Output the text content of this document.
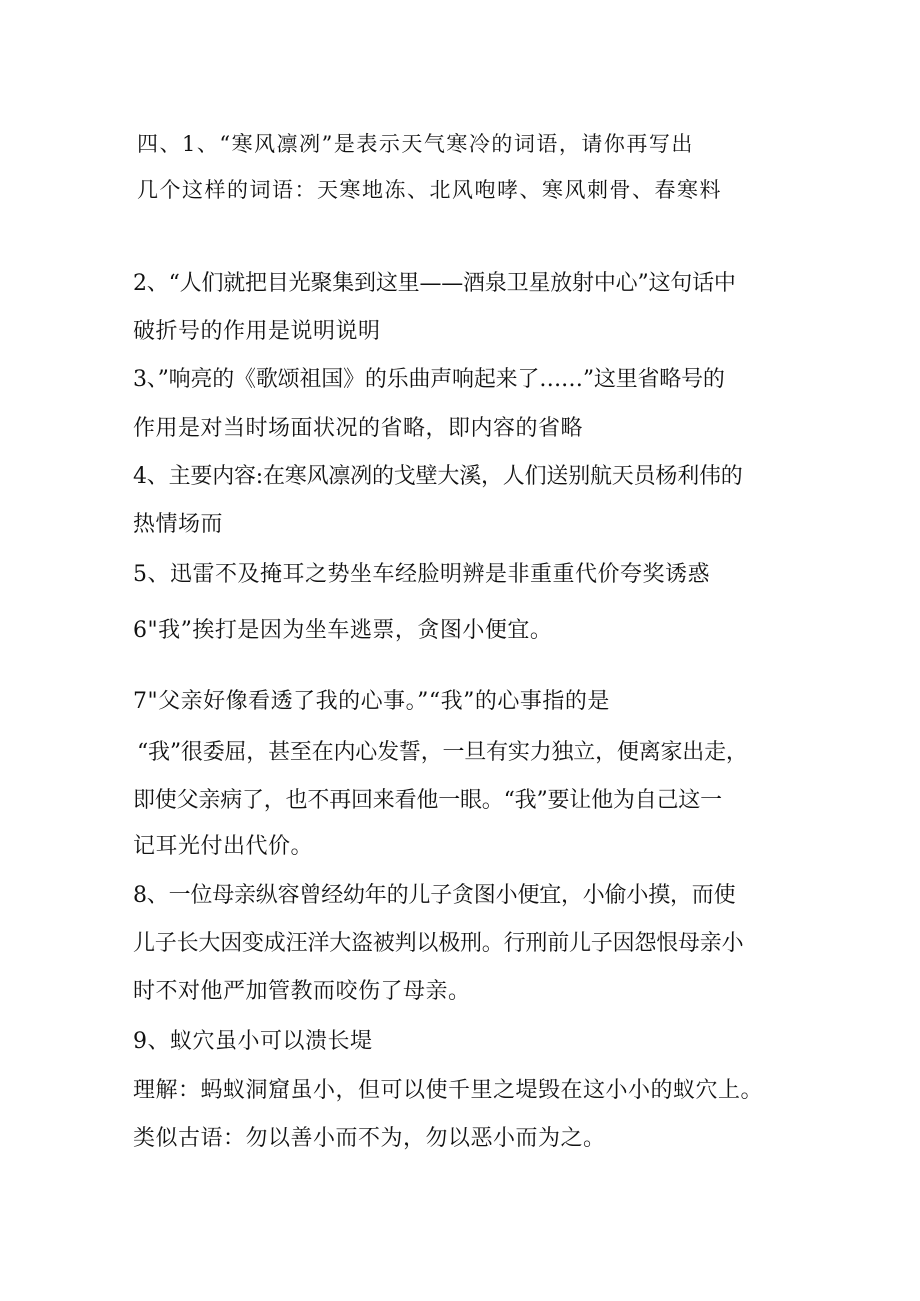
四、1、“寒风凛冽”是表示天气寒冷的词语，请你再写出
几个这样的词语：天寒地冻、北风咆哮、寒风刺骨、春寒料
2、“人们就把目光聚集到这里——酒泉卫星放射中心”这句话中
破折号的作用是说明说明
3、”响亮的《歌颂祖国》的乐曲声响起来了……”这里省略号的
作用是对当时场面状况的省略，即内容的省略
4、主要内容:在寒风凛冽的戈壁大溪，人们送别航天员杨利伟的
热情场而
5、迅雷不及掩耳之势坐车经脸明辨是非重重代价夸奖诱惑
6"我”挨打是因为坐车逃票，贪图小便宜。
7"父亲好像看透了我的心事。”“我”的心事指的是
“我”很委屈，甚至在内心发誓，一旦有实力独立，便离家出走，
即使父亲病了，也不再回来看他一眼。“我”要让他为自己这一
记耳光付出代价。
8、一位母亲纵容曾经幼年的儿子贪图小便宜，小偷小摸，而使
儿子长大因变成汪洋大盗被判以极刑。行刑前儿子因怨恨母亲小
时不对他严加管教而咬伤了母亲。
9、蚁穴虽小可以溃长堤
理解：蚂蚁洞窟虽小，但可以使千里之堤毁在这小小的蚁穴上。
类似古语：勿以善小而不为，勿以恶小而为之。
